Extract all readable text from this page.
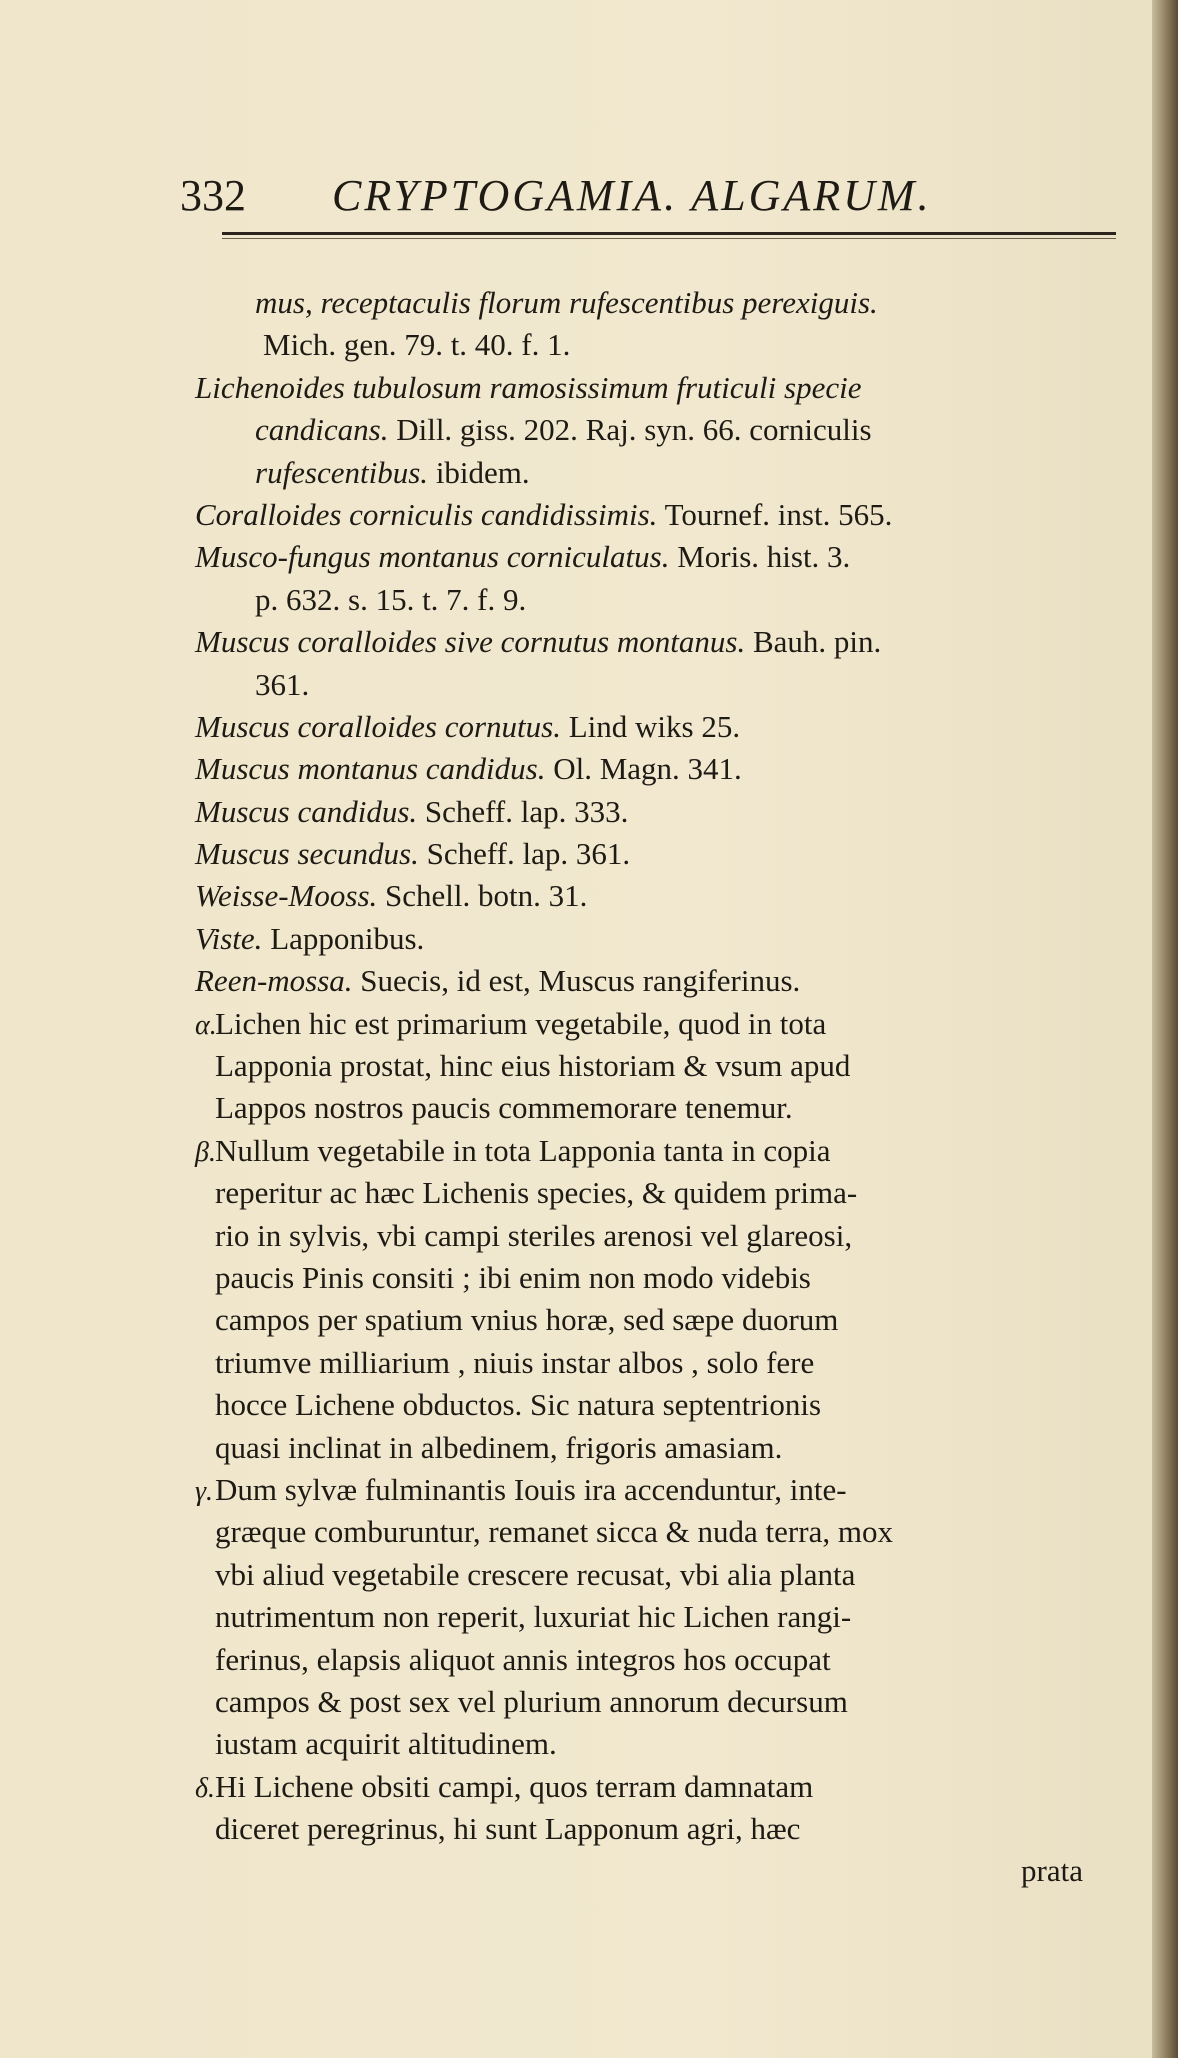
332 CRYPTOGAMIA. ALGARUM.
mus, receptaculis florum rufescentibus perexiguis.
Mich. gen. 79. t. 40. f. 1.
Lichenoides tubulosum ramosissimum fruticuli specie
candicans. Dill. giss. 202. Raj. syn. 66. corniculis
rufescentibus. ibidem.
Coralloides corniculis candidissimis. Tournef. inst. 565.
Musco-fungus montanus corniculatus. Moris. hist. 3.
p. 632. s. 15. t. 7. f. 9.
Muscus coralloides sive cornutus montanus. Bauh. pin.
361.
Muscus coralloides cornutus. Lind wiks 25.
Muscus montanus candidus. Ol. Magn. 341.
Muscus candidus. Scheff. lap. 333.
Muscus secundus. Scheff. lap. 361.
Weisse-Mooss. Schell. botn. 31.
Viste. Lapponibus.
Reen-mossa. Suecis, id est, Muscus rangiferinus.
α.Lichen hic est primarium vegetabile, quod in tota
Lapponia prostat, hinc eius historiam & vsum apud
Lappos nostros paucis commemorare tenemur.
β.Nullum vegetabile in tota Lapponia tanta in copia
reperitur ac hæc Lichenis species, & quidem prima-
rio in sylvis, vbi campi steriles arenosi vel glareosi,
paucis Pinis consiti ; ibi enim non modo videbis
campos per spatium vnius horæ, sed sæpe duorum
triumve milliarium , niuis instar albos , solo fere
hocce Lichene obductos. Sic natura septentrionis
quasi inclinat in albedinem, frigoris amasiam.
γ.Dum sylvæ fulminantis Iouis ira accenduntur, inte-
græque comburuntur, remanet sicca & nuda terra, mox
vbi aliud vegetabile crescere recusat, vbi alia planta
nutrimentum non reperit, luxuriat hic Lichen rangi-
ferinus, elapsis aliquot annis integros hos occupat
campos & post sex vel plurium annorum decursum
iustam acquirit altitudinem.
δ.Hi Lichene obsiti campi, quos terram damnatam
diceret peregrinus, hi sunt Lapponum agri, hæc
prata
